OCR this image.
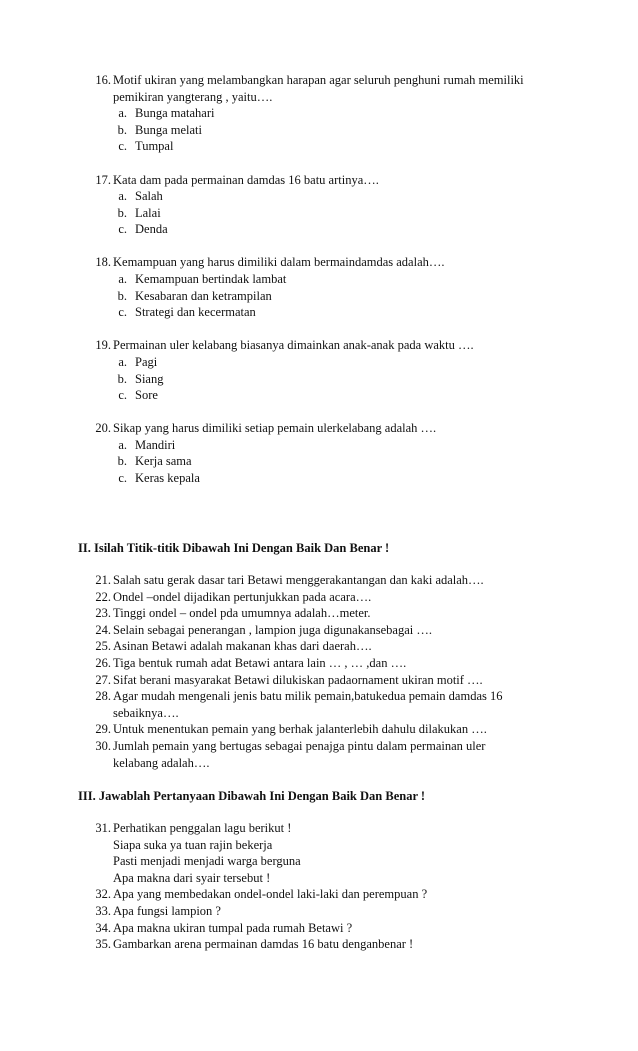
16. Motif ukiran yang melambangkan harapan agar seluruh penghuni rumah memiliki
pemikiran yangterang , yaitu….
a. Bunga matahari
b. Bunga melati
c. Tumpal
17. Kata dam pada permainan damdas 16 batu artinya….
a. Salah
b. Lalai
c. Denda
18. Kemampuan yang harus dimiliki dalam bermaindamdas adalah….
a. Kemampuan bertindak lambat
b. Kesabaran dan ketrampilan
c. Strategi dan kecermatan
19. Permainan uler kelabang biasanya dimainkan anak-anak pada waktu ….
a. Pagi
b. Siang
c. Sore
20. Sikap yang harus dimiliki setiap pemain ulerkelabang adalah ….
a. Mandiri
b. Kerja sama
c. Keras kepala
II. Isilah Titik-titik Dibawah Ini Dengan Baik Dan Benar !
21. Salah satu gerak dasar tari Betawi menggerakantangan dan kaki adalah….
22. Ondel –ondel dijadikan pertunjukkan pada acara….
23. Tinggi ondel – ondel pda umumnya adalah…meter.
24. Selain sebagai penerangan , lampion juga digunakansebagai ….
25. Asinan Betawi adalah makanan khas dari daerah….
26. Tiga bentuk rumah adat Betawi antara lain … , … ,dan ….
27. Sifat berani masyarakat Betawi dilukiskan padaornament ukiran motif ….
28. Agar mudah mengenali jenis batu milik pemain,batukedua pemain damdas 16
sebaiknya….
29. Untuk menentukan pemain yang berhak jalanterlebih dahulu dilakukan ….
30. Jumlah pemain yang bertugas sebagai penajga pintu dalam permainan uler
kelabang adalah….
III. Jawablah Pertanyaan Dibawah Ini Dengan Baik Dan Benar !
31. Perhatikan penggalan lagu berikut !
Siapa suka ya tuan rajin bekerja
Pasti menjadi menjadi warga berguna
Apa makna dari syair tersebut !
32. Apa yang membedakan ondel-ondel laki-laki dan perempuan ?
33. Apa fungsi lampion ?
34. Apa makna ukiran tumpal pada rumah Betawi ?
35. Gambarkan arena permainan damdas 16 batu denganbenar !
